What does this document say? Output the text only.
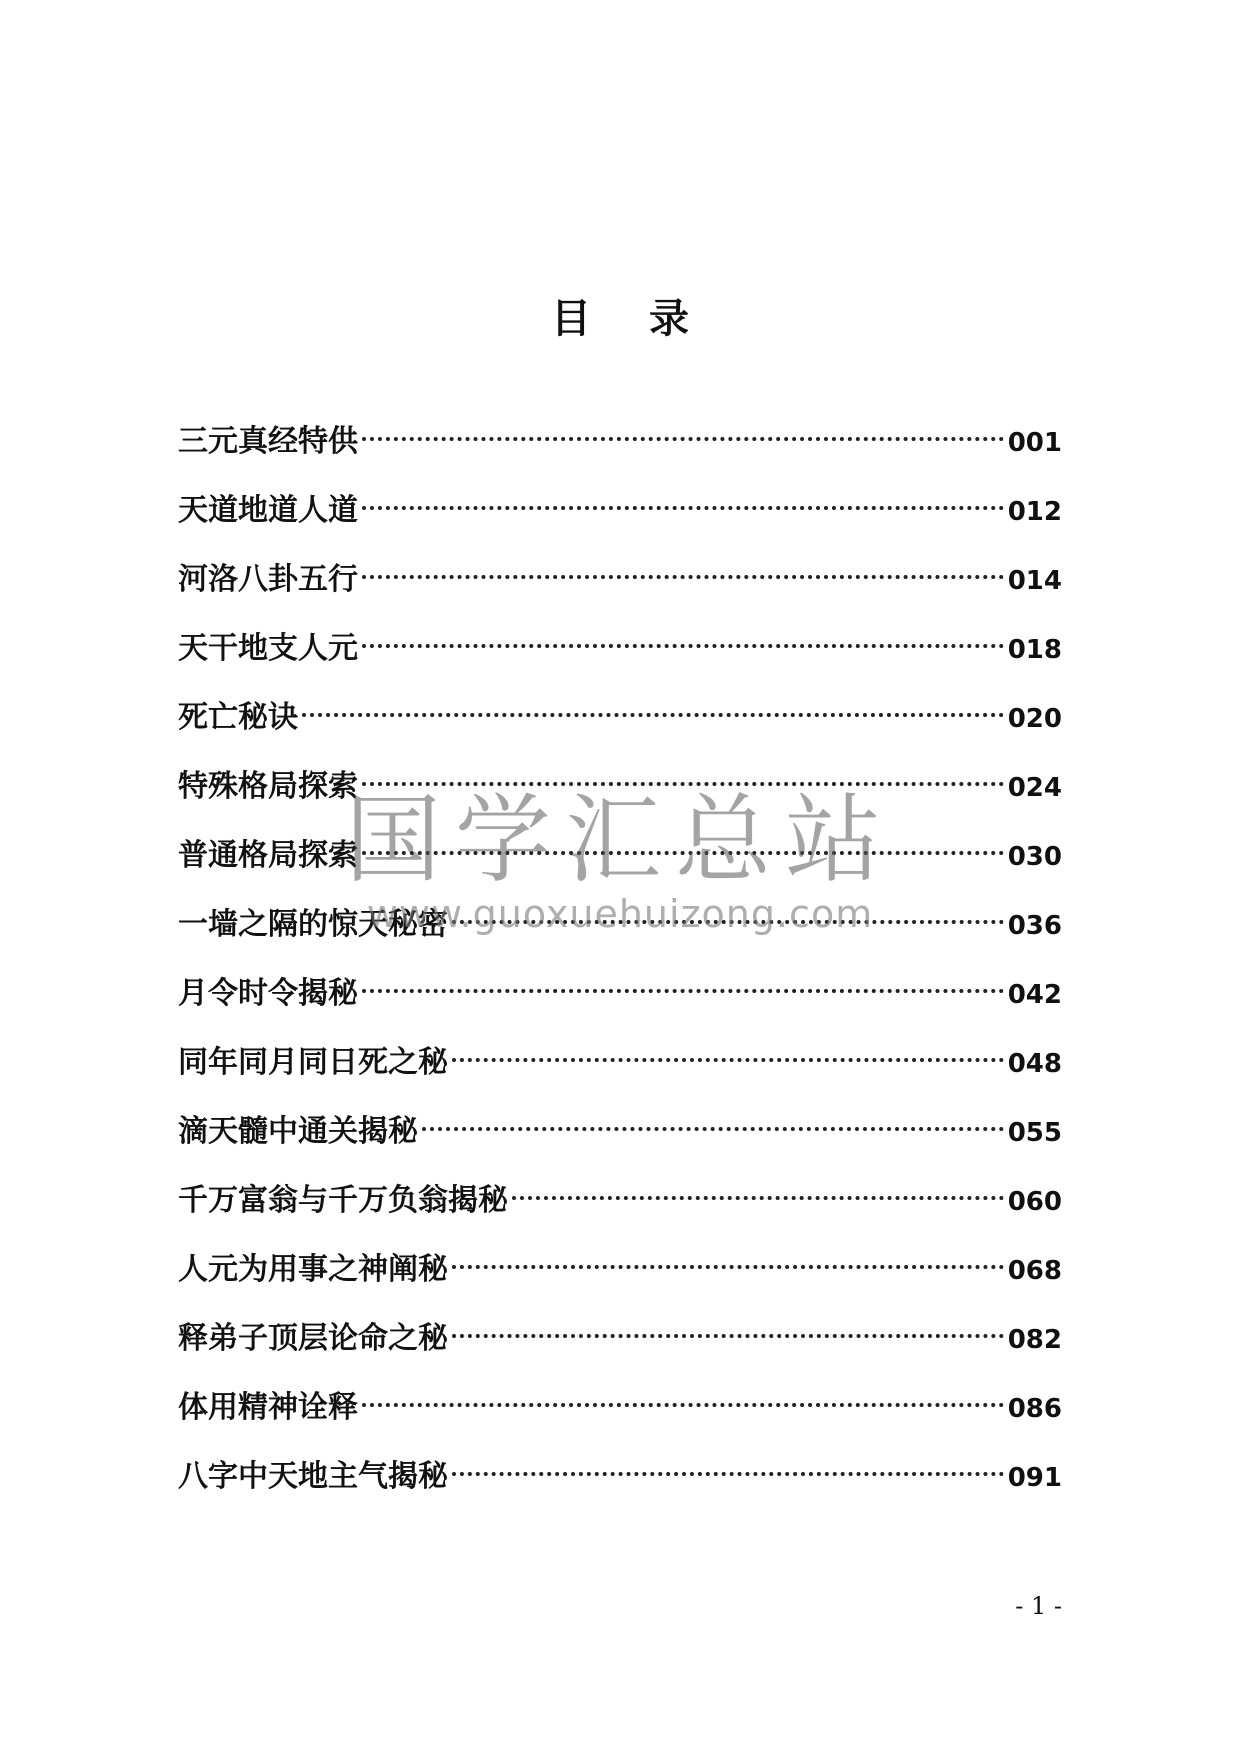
目 录
三元真经特供	001
天道地道人道	012
河洛八卦五行	014
天干地支人元	018
死亡秘诀	020
特殊格局探索	024
普通格局探索	030
一墙之隔的惊天秘密	036
月令时令揭秘	042
同年同月同日死之秘	048
滴天髓中通关揭秘	055
千万富翁与千万负翁揭秘	060
人元为用事之神阐秘	068
释弟子顶层论命之秘	082
体用精神诠释	086
八字中天地主气揭秘	091
国学汇总站
www.guoxuehuizong.com
- 1 -
